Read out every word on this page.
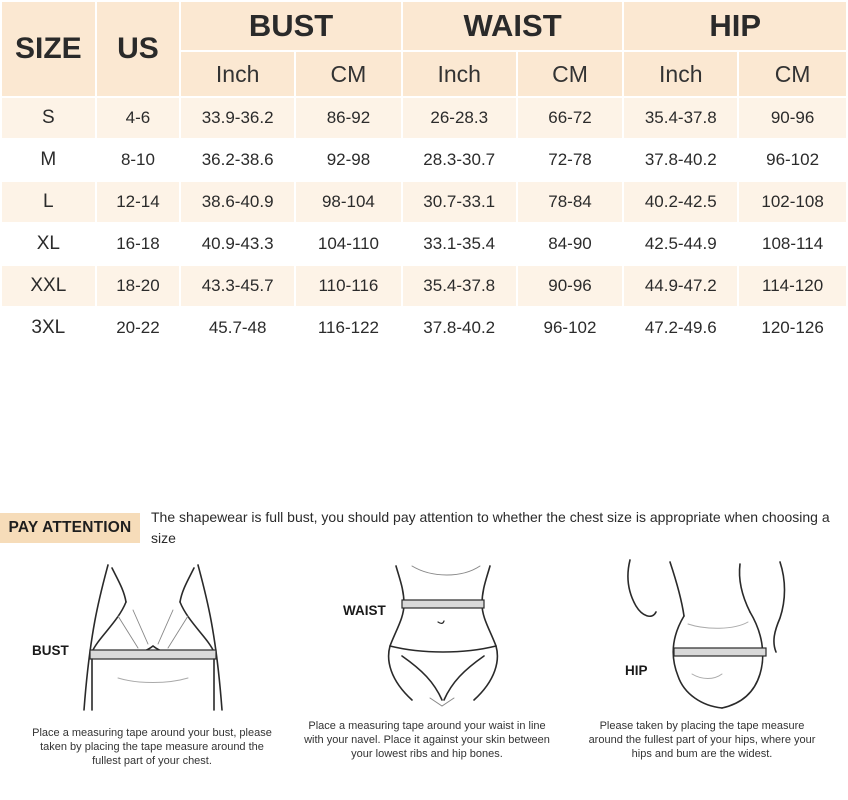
SIZE	US	BUST		WAIST		HIP	
		Inch	CM	Inch	CM	Inch	CM
S	4-6	33.9-36.2	86-92	26-28.3	66-72	35.4-37.8	90-96
M	8-10	36.2-38.6	92-98	28.3-30.7	72-78	37.8-40.2	96-102
L	12-14	38.6-40.9	98-104	30.7-33.1	78-84	40.2-42.5	102-108
XL	16-18	40.9-43.3	104-110	33.1-35.4	84-90	42.5-44.9	108-114
XXL	18-20	43.3-45.7	110-116	35.4-37.8	90-96	44.9-47.2	114-120
3XL	20-22	45.7-48	116-122	37.8-40.2	96-102	47.2-49.6	120-126
PAY ATTENTION
The shapewear is full bust, you should pay attention to whether the chest size is appropriate when choosing a size
BUST
Place a measuring tape around your bust, please taken by placing the tape measure around the fullest part of your chest.
WAIST
Place a measuring tape around your waist in line with your navel. Place it against your skin between your lowest ribs and hip bones.
HIP
Please taken by placing the tape measure around the fullest part of your hips, where your hips and bum are the widest.
